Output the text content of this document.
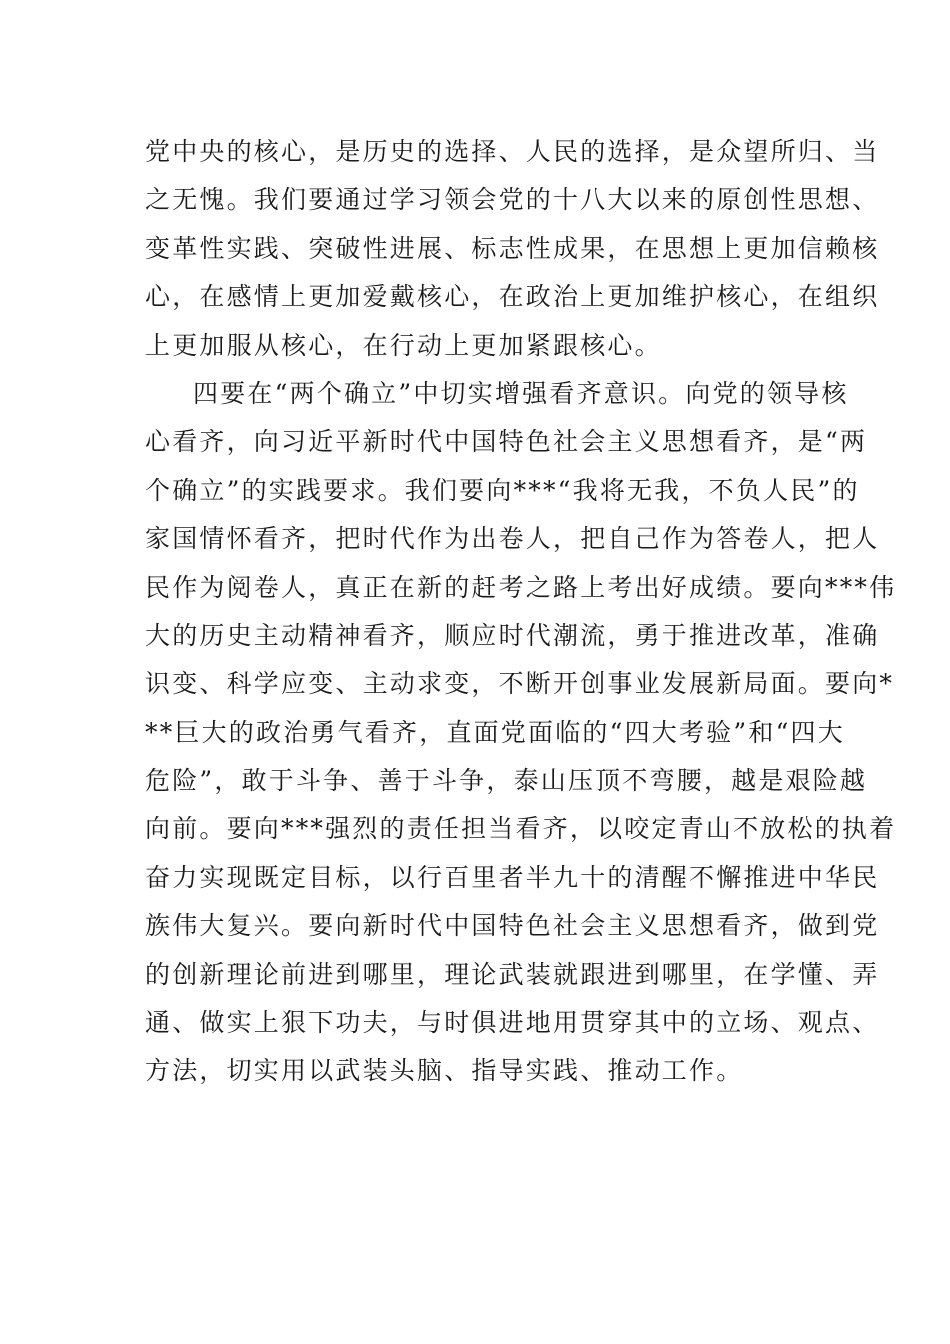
党中央的核心，是历史的选择、人民的选择，是众望所归、当
之无愧。我们要通过学习领会党的十八大以来的原创性思想、
变革性实践、突破性进展、标志性成果，在思想上更加信赖核
心，在感情上更加爱戴核心，在政治上更加维护核心，在组织
上更加服从核心，在行动上更加紧跟核心。
四要在“两个确立”中切实增强看齐意识。向党的领导核
心看齐，向习近平新时代中国特色社会主义思想看齐，是“两
个确立”的实践要求。我们要向***“我将无我，不负人民”的
家国情怀看齐，把时代作为出卷人，把自己作为答卷人，把人
民作为阅卷人，真正在新的赶考之路上考出好成绩。要向***伟
大的历史主动精神看齐，顺应时代潮流，勇于推进改革，准确
识变、科学应变、主动求变，不断开创事业发展新局面。要向*
**巨大的政治勇气看齐，直面党面临的“四大考验”和“四大
危险”，敢于斗争、善于斗争，泰山压顶不弯腰，越是艰险越
向前。要向***强烈的责任担当看齐，以咬定青山不放松的执着
奋力实现既定目标，以行百里者半九十的清醒不懈推进中华民
族伟大复兴。要向新时代中国特色社会主义思想看齐，做到党
的创新理论前进到哪里，理论武装就跟进到哪里，在学懂、弄
通、做实上狠下功夫，与时俱进地用贯穿其中的立场、观点、
方法，切实用以武装头脑、指导实践、推动工作。
